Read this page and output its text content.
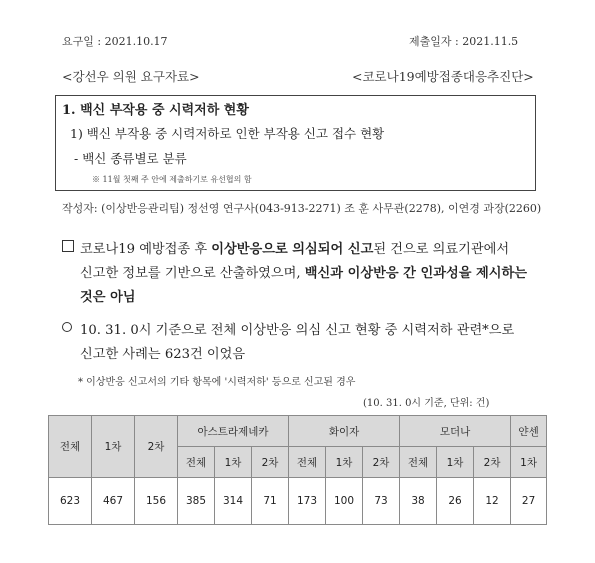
요구일 : 2021.10.17	제출일자 : 2021.11.5
<강선우 의원 요구자료>	<코로나19예방접종대응추진단>
1. 백신 부작용 중 시력저하 현황
1) 백신 부작용 중 시력저하로 인한 부작용 신고 접수 현황
- 백신 종류별로 분류
※ 11월 첫째 주 안에 제출하기로 유선협의 함
작성자: (이상반응관리팀) 정선영 연구사(043-913-2271) 조 훈 사무관(2278), 이연경 과장(2260)
코로나19 예방접종 후 이상반응으로 의심되어 신고된 건으로 의료기관에서
신고한 정보를 기반으로 산출하였으며, 백신과 이상반응 간 인과성을 제시하는
것은 아님
10. 31. 0시 기준으로 전체 이상반응 의심 신고 현황 중 시력저하 관련*으로
신고한 사례는 623건 이었음
* 이상반응 신고서의 기타 항목에 '시력저하' 등으로 신고된 경우
(10. 31. 0시 기준, 단위: 건)
전체	1차	2차	아스트라제네카			화이자			모더나			얀센
			전체	1차	2차	전체	1차	2차	전체	1차	2차	1차
623	467	156	385	314	71	173	100	73	38	26	12	27
